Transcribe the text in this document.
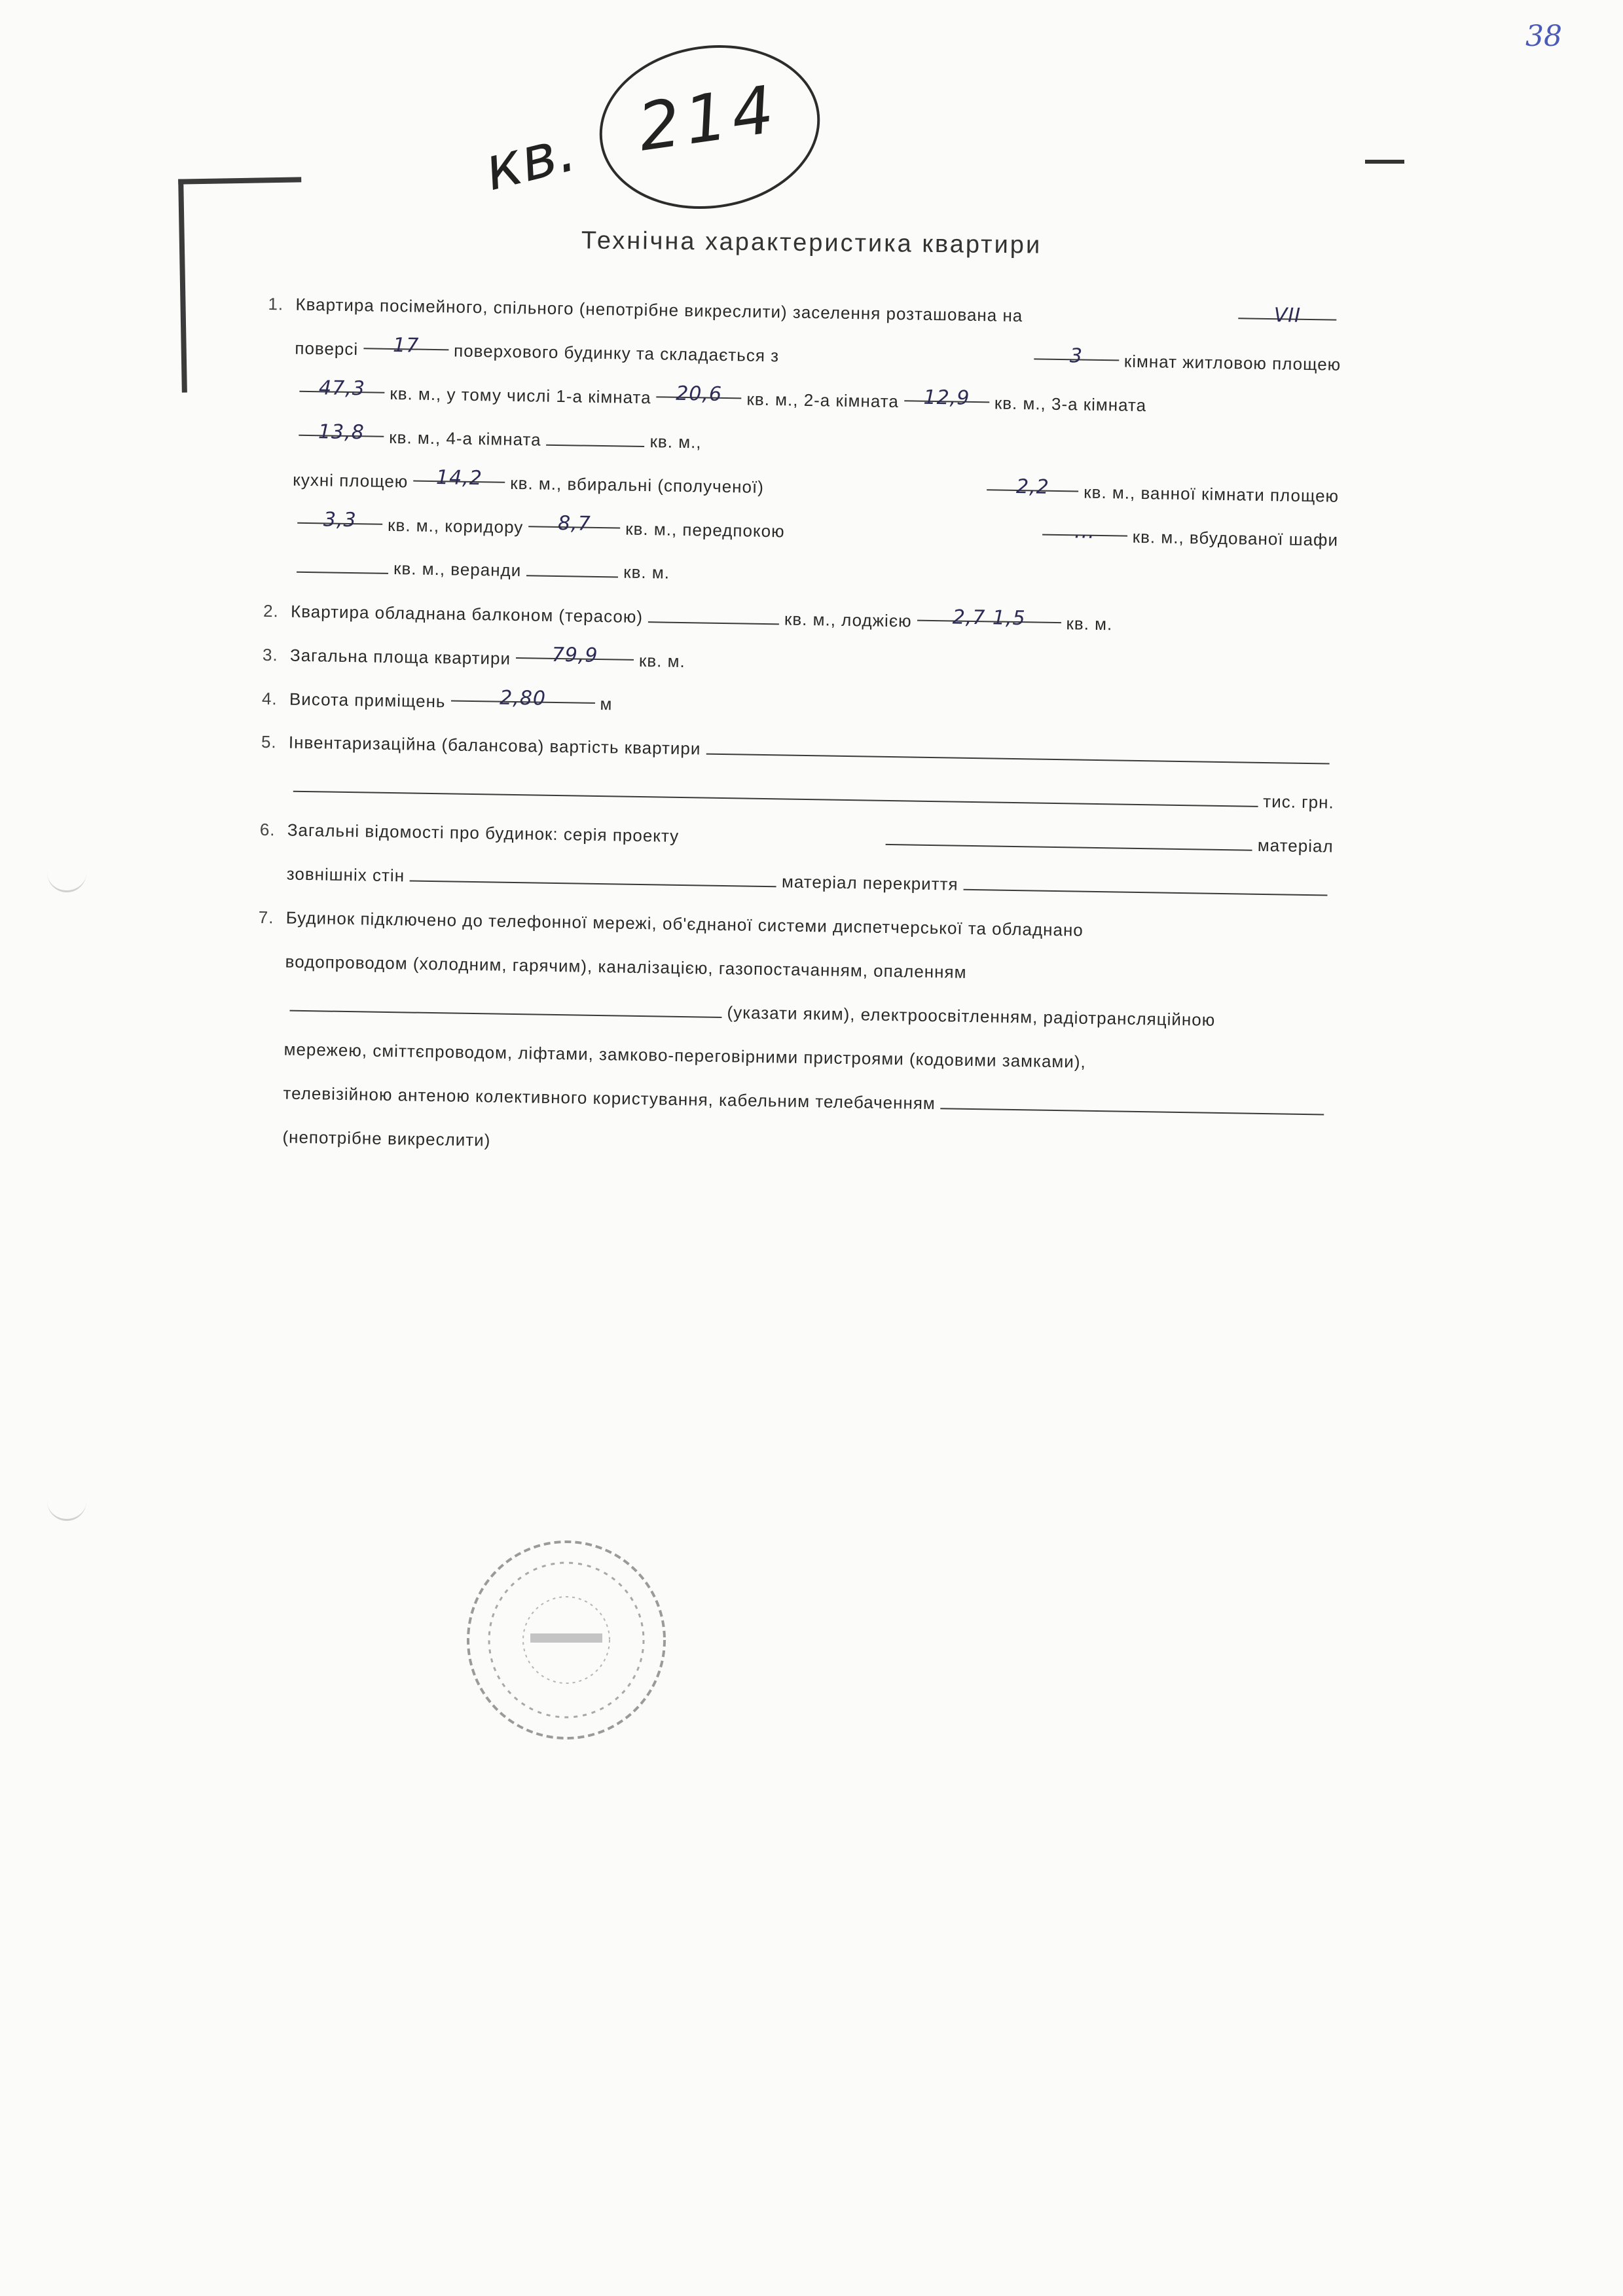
38
кв. 214
Технічна характеристика квартири
1. Квартира посімейного, спільного (непотрібне викреслити) заселення розташована на	VII
поверсі	17	поверхового будинку та складається з	3	кімнат житловою площею
47,3	кв. м., у тому числі 1-а кімната	20,6	кв. м., 2-а кімната	12,9	кв. м., 3-а кімната
13,8	кв. м., 4-а кімната	кв. м.,
кухні площею	14,2	кв. м., вбиральні (сполученої)	2,2	кв. м., ванної кімнати площею
3,3	кв. м., коридору	8,7	кв. м., передпокою	...	кв. м., вбудованої шафи
кв. м., веранди	кв. м.
2. Квартира обладнана балконом (терасою)	кв. м., лоджією	2,7 1,5	кв. м.
3. Загальна площа квартири	79,9	кв. м.
4. Висота приміщень	2,80	м
5. Інвентаризаційна (балансова) вартість квартири
тис. грн.
6. Загальні відомості про будинок: серія проекту	матеріал
зовнішніх стін	матеріал перекриття
7. Будинок підключено до телефонної мережі, об'єднаної системи диспетчерської та обладнано
водопроводом (холодним, гарячим), каналізацією, газопостачанням, опаленням
(указати яким), електроосвітленням, радіотрансляційною
мережею, сміттєпроводом, ліфтами, замково-переговірними пристроями (кодовими замками),
телевізійною антеною колективного користування, кабельним телебаченням
(непотрібне викреслити)
